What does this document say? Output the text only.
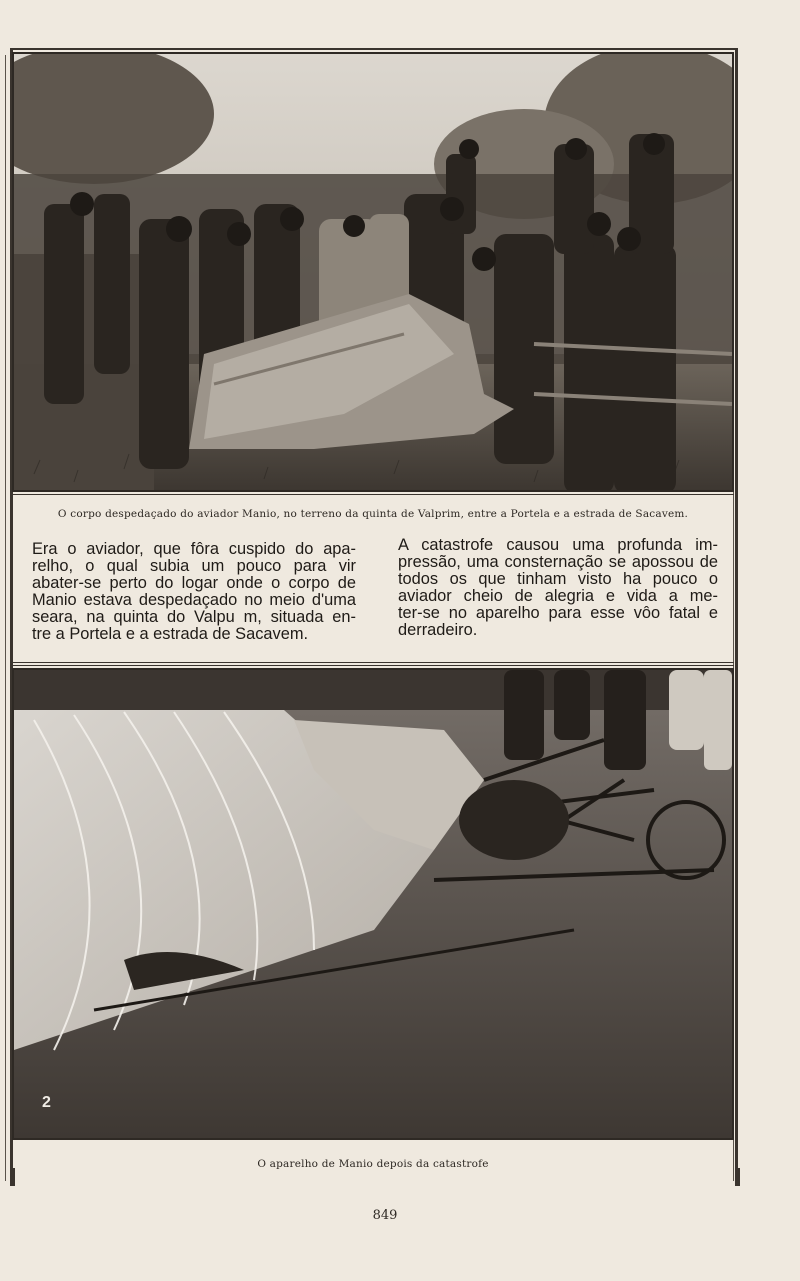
O corpo despedaçado do aviador Manio, no terreno da quinta de Valprim, entre a Portela e a estrada de Sacavem.
Era o aviador, que fôra cuspido do apa-
relho, o qual subia um pouco para vir
abater-se perto do logar onde o corpo de
Manio estava despedaçado no meio d'uma
seara, na quinta do Valpu m, situada en-
tre a Portela e a estrada de Sacavem.
A catastrofe causou uma profunda im-
pressão, uma consternação se apossou de
todos os que tinham visto ha pouco o
aviador cheio de alegria e vida a me-
ter-se no aparelho para esse vôo fatal e
derradeiro.
2
O aparelho de Manio depois da catastrofe
849
